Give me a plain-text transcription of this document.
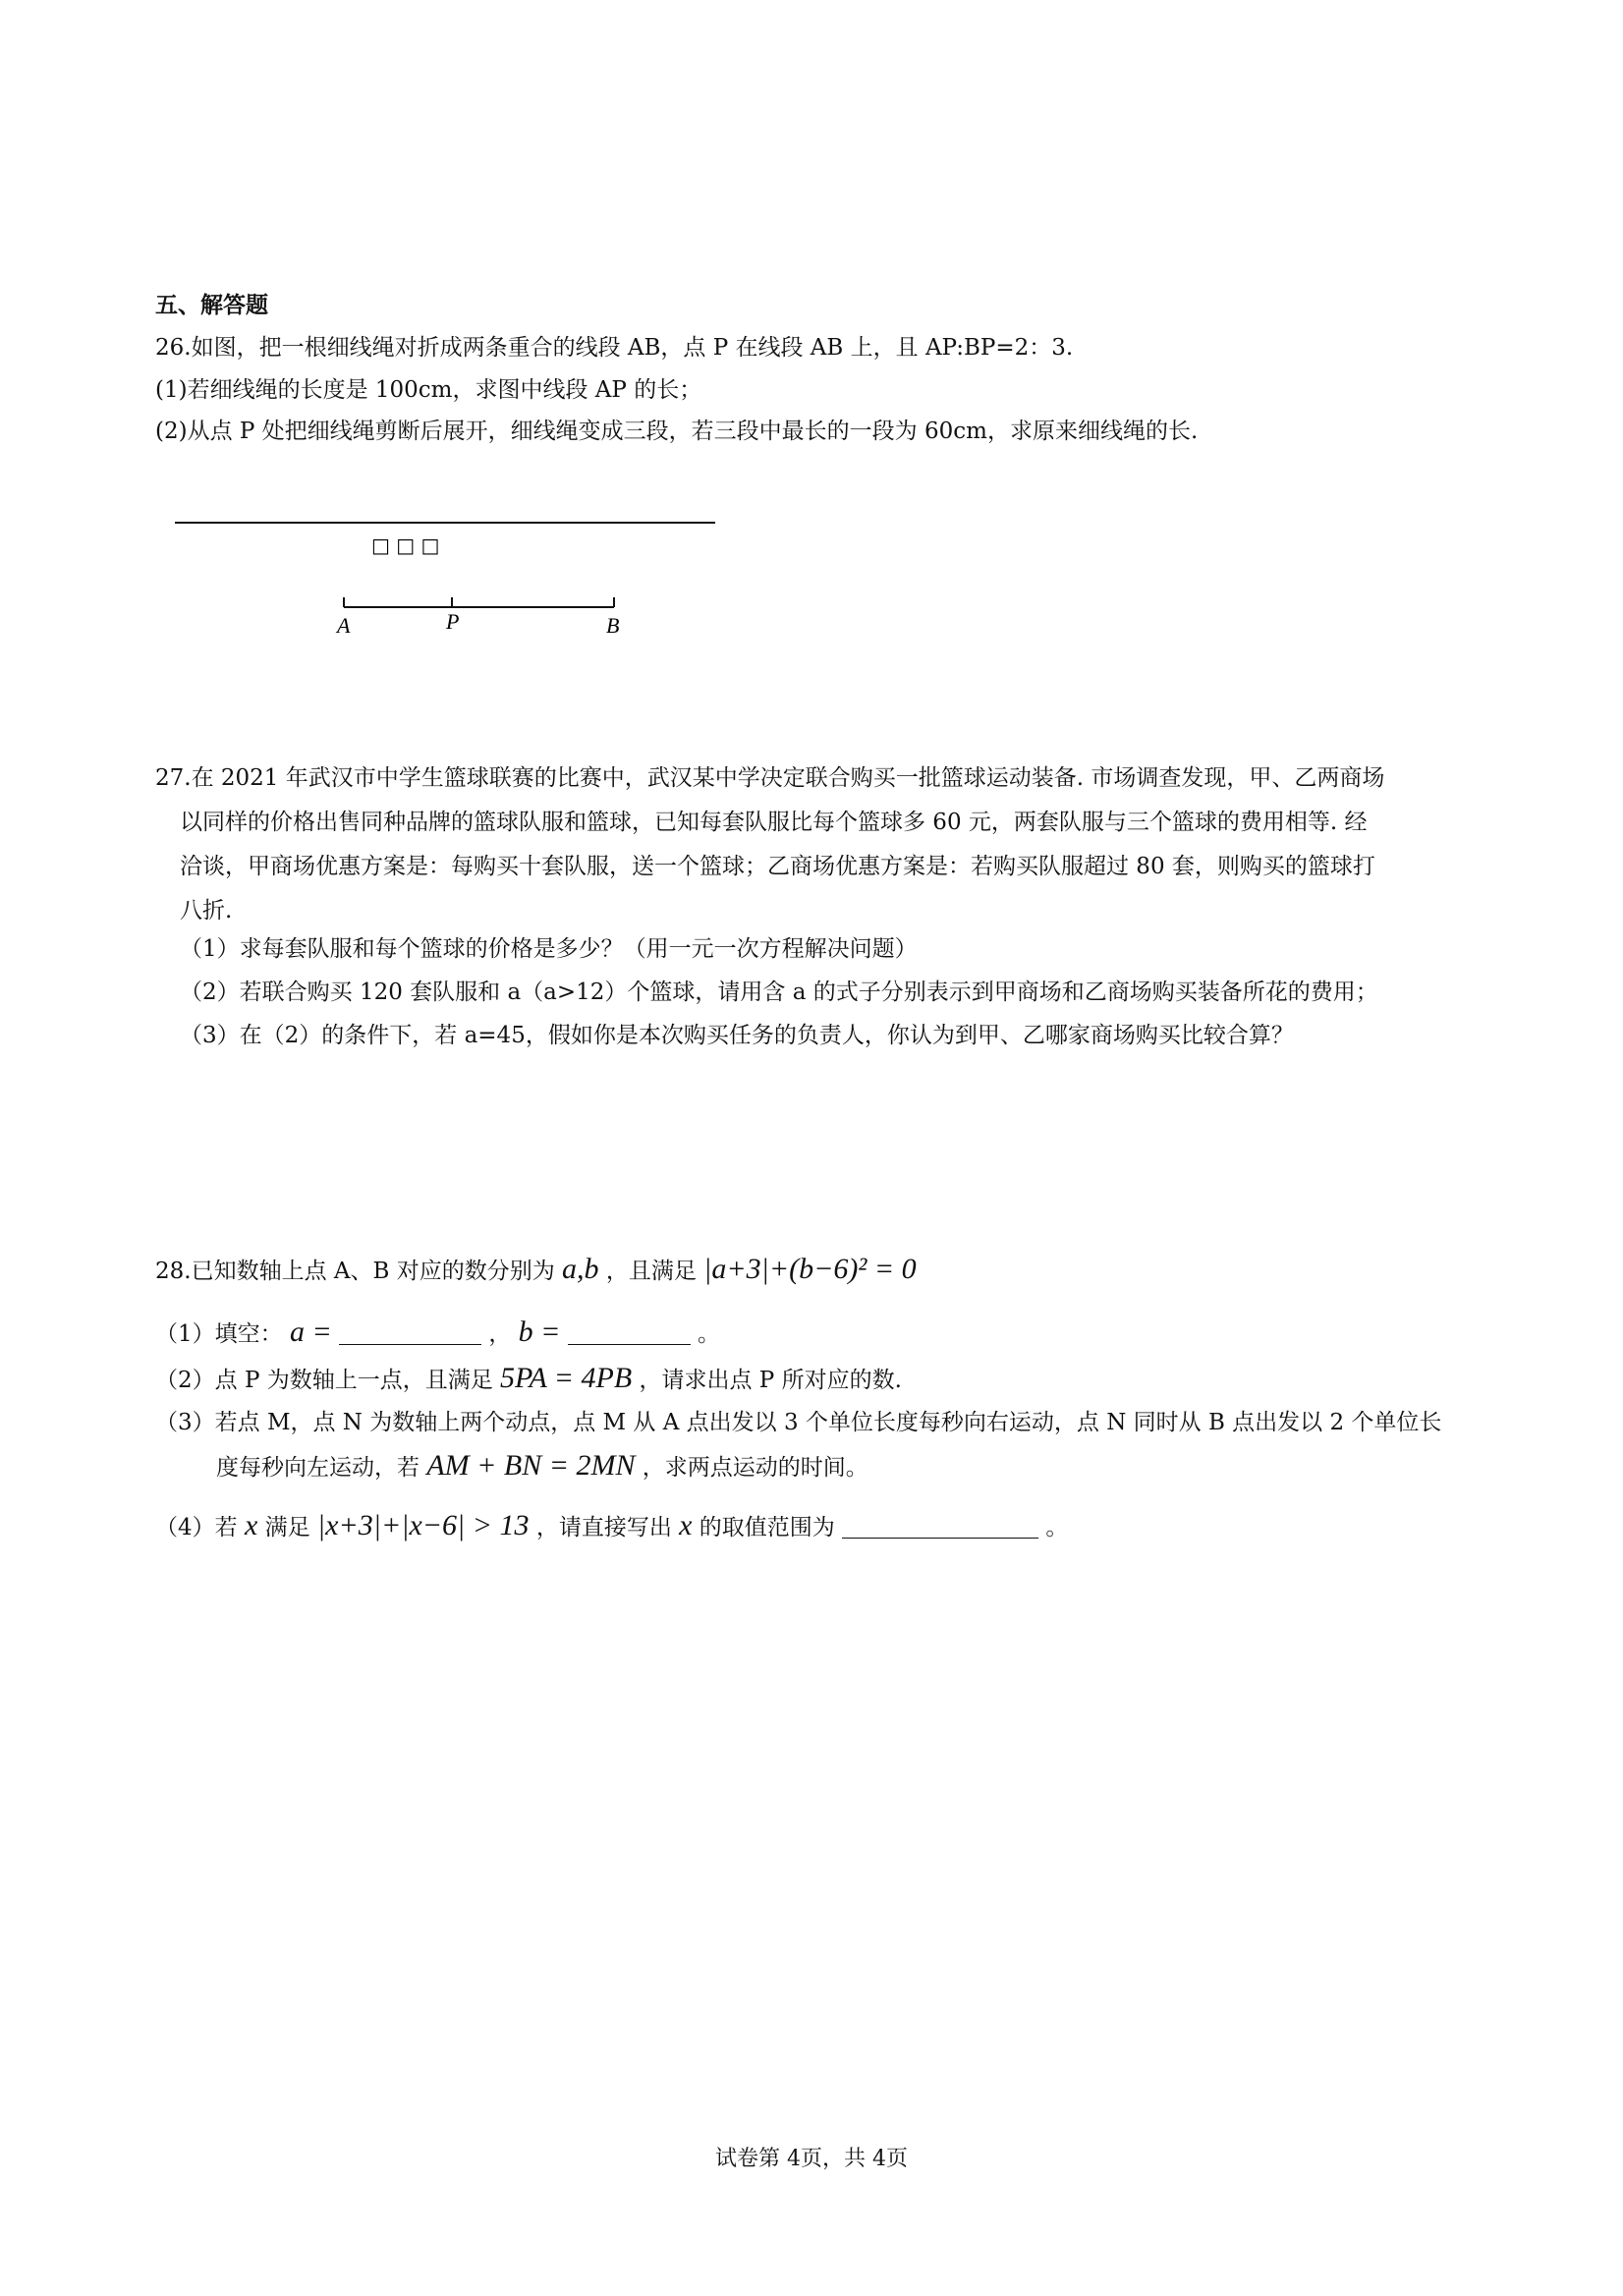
五、解答题
26.如图，把一根细线绳对折成两条重合的线段 AB，点 P 在线段 AB 上，且 AP:BP=2：3.
(1)若细线绳的长度是 100cm，求图中线段 AP 的长；
(2)从点 P 处把细线绳剪断后展开，细线绳变成三段，若三段中最长的一段为 60cm，求原来细线绳的长.
□ □ □
A	P	B
27.在 2021 年武汉市中学生篮球联赛的比赛中，武汉某中学决定联合购买一批篮球运动装备. 市场调查发现，甲、乙两商场
以同样的价格出售同种品牌的篮球队服和篮球，已知每套队服比每个篮球多 60 元，两套队服与三个篮球的费用相等. 经
洽谈，甲商场优惠方案是：每购买十套队服，送一个篮球；乙商场优惠方案是：若购买队服超过 80 套，则购买的篮球打
八折.
（1）求每套队服和每个篮球的价格是多少？（用一元一次方程解决问题）
（2）若联合购买 120 套队服和 a（a>12）个篮球，请用含 a 的式子分别表示到甲商场和乙商场购买装备所花的费用；
（3）在（2）的条件下，若 a=45，假如你是本次购买任务的负责人，你认为到甲、乙哪家商场购买比较合算？
28.已知数轴上点 A、B 对应的数分别为 a,b ，且满足 |a+3|+(b−6)² = 0
（1）填空： a =	， b =	。
（2）点 P 为数轴上一点，且满足 5PA = 4PB ，请求出点 P 所对应的数.
（3）若点 M，点 N 为数轴上两个动点，点 M 从 A 点出发以 3 个单位长度每秒向右运动，点 N 同时从 B 点出发以 2 个单位长
度每秒向左运动，若 AM + BN = 2MN ，求两点运动的时间。
（4）若 x 满足 |x+3|+|x−6| > 13 ，请直接写出 x 的取值范围为	。
试卷第 4页，共 4页
